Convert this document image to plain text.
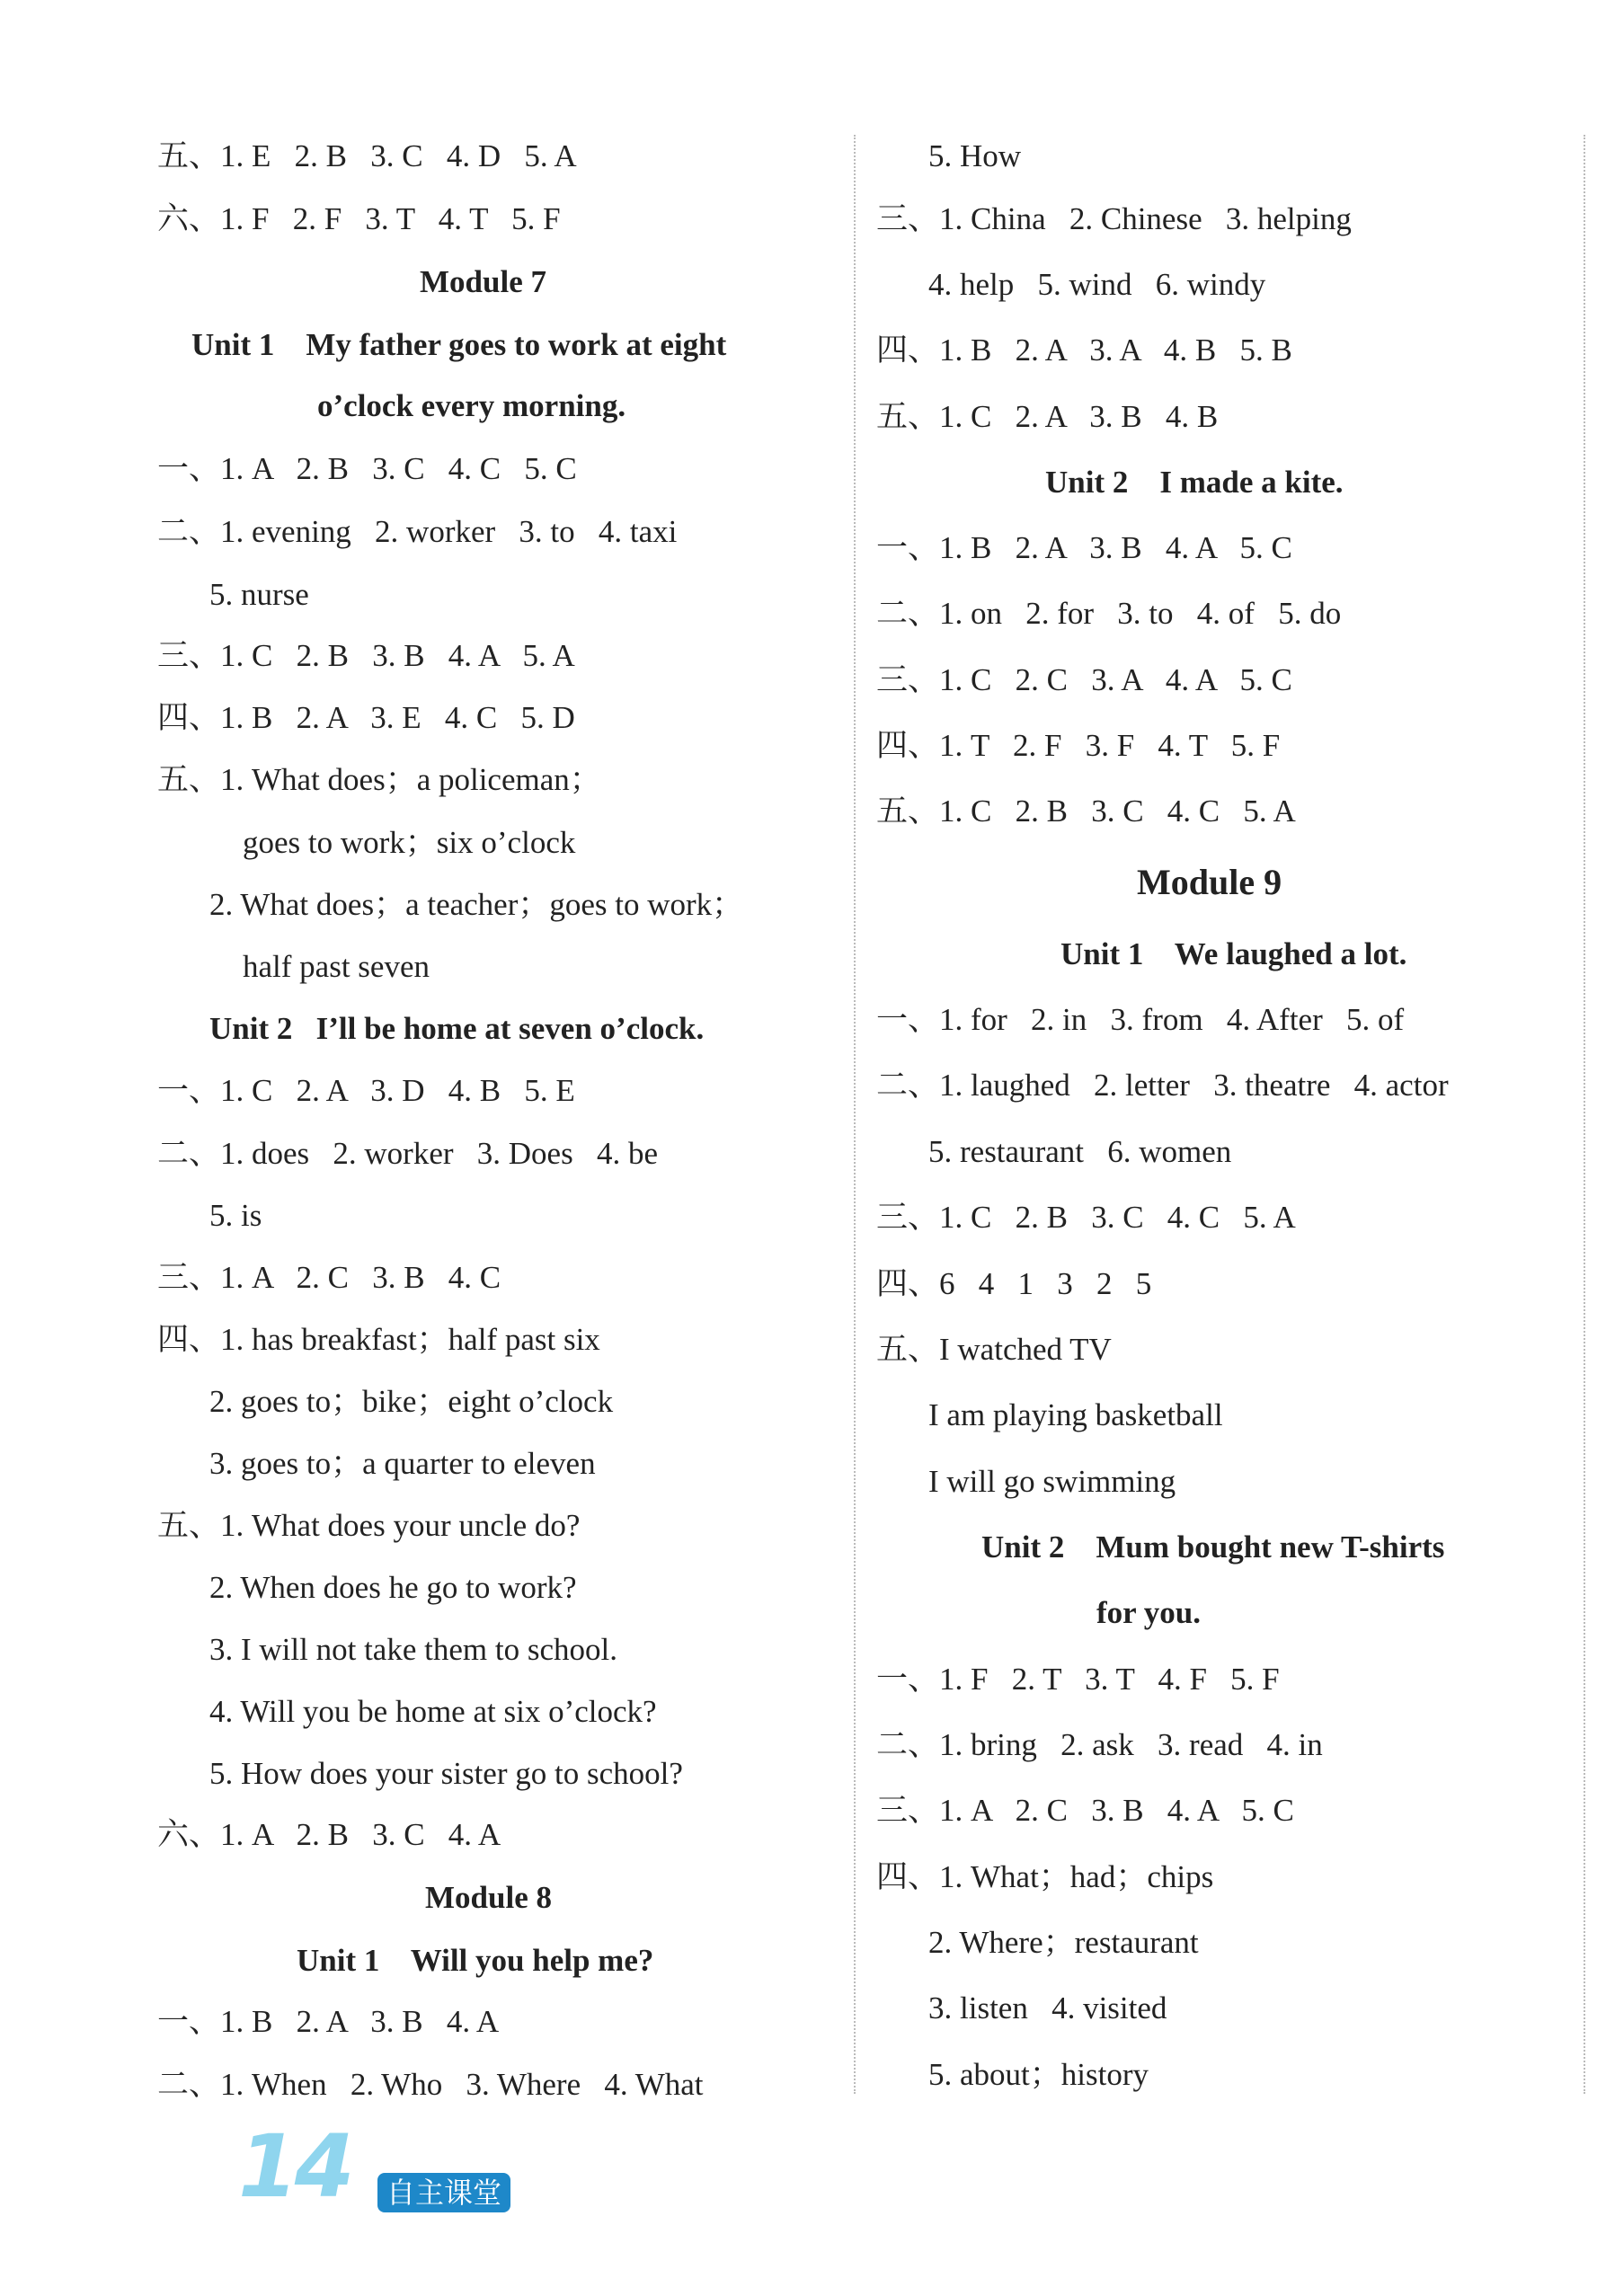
五、1. E   2. B   3. C   4. D   5. A
六、1. F   2. F   3. T   4. T   5. F
Module 7
Unit 1    My father goes to work at eight
o’clock every morning.
一、1. A   2. B   3. C   4. C   5. C
二、1. evening   2. worker   3. to   4. taxi
5. nurse
三、1. C   2. B   3. B   4. A   5. A
四、1. B   2. A   3. E   4. C   5. D
五、1. What does；a policeman；
goes to work；six o’clock
2. What does；a teacher；goes to work；
half past seven
Unit 2   I’ll be home at seven o’clock.
一、1. C   2. A   3. D   4. B   5. E
二、1. does   2. worker   3. Does   4. be
5. is
三、1. A   2. C   3. B   4. C
四、1. has breakfast；half past six
2. goes to；bike；eight o’clock
3. goes to；a quarter to eleven
五、1. What does your uncle do?
2. When does he go to work?
3. I will not take them to school.
4. Will you be home at six o’clock?
5. How does your sister go to school?
六、1. A   2. B   3. C   4. A
Module 8
Unit 1    Will you help me?
一、1. B   2. A   3. B   4. A
二、1. When   2. Who   3. Where   4. What
5. How
三、1. China   2. Chinese   3. helping
4. help   5. wind   6. windy
四、1. B   2. A   3. A   4. B   5. B
五、1. C   2. A   3. B   4. B
Unit 2    I made a kite.
一、1. B   2. A   3. B   4. A   5. C
二、1. on   2. for   3. to   4. of   5. do
三、1. C   2. C   3. A   4. A   5. C
四、1. T   2. F   3. F   4. T   5. F
五、1. C   2. B   3. C   4. C   5. A
Module 9
Unit 1    We laughed a lot.
一、1. for   2. in   3. from   4. After   5. of
二、1. laughed   2. letter   3. theatre   4. actor
5. restaurant   6. women
三、1. C   2. B   3. C   4. C   5. A
四、6   4   1   3   2   5
五、I watched TV
I am playing basketball
I will go swimming
Unit 2    Mum bought new T-shirts
for you.
一、1. F   2. T   3. T   4. F   5. F
二、1. bring   2. ask   3. read   4. in
三、1. A   2. C   3. B   4. A   5. C
四、1. What；had；chips
2. Where；restaurant
3. listen   4. visited
5. about；history
14	自主课堂
